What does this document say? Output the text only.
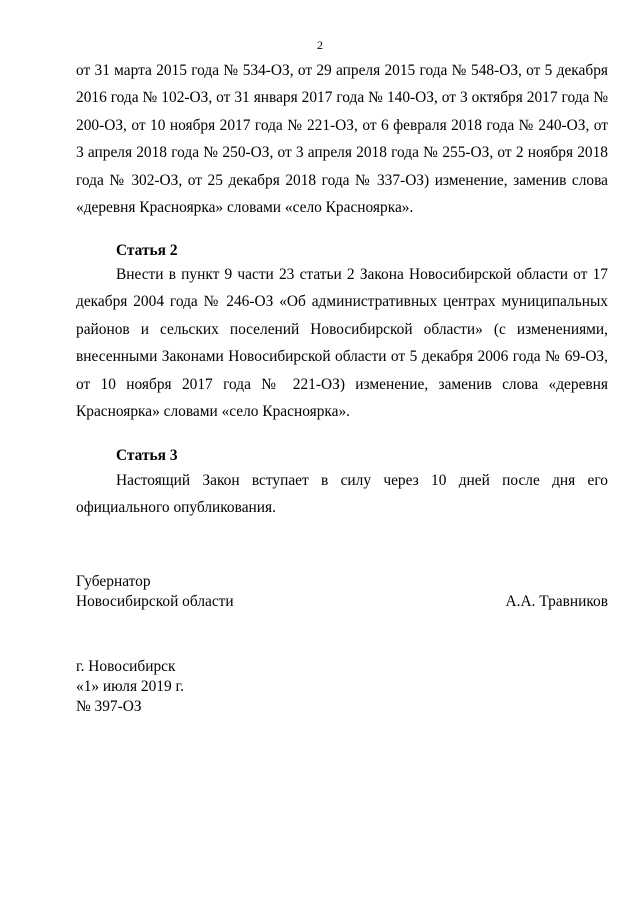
2

от 31 марта 2015 года № 534-ОЗ, от 29 апреля 2015 года № 548-ОЗ, от 5 декабря 2016 года № 102-ОЗ, от 31 января 2017 года № 140-ОЗ, от 3 октября 2017 года № 200-ОЗ, от 10 ноября 2017 года № 221-ОЗ, от 6 февраля 2018 года № 240-ОЗ, от 3 апреля 2018 года № 250-ОЗ, от 3 апреля 2018 года № 255-ОЗ, от 2 ноября 2018 года № 302-ОЗ, от 25 декабря 2018 года № 337-ОЗ) изменение, заменив слова «деревня Красноярка» словами «село Красноярка».

Статья 2

Внести в пункт 9 части 23 статьи 2 Закона Новосибирской области от 17 декабря 2004 года № 246-ОЗ «Об административных центрах муниципальных районов и сельских поселений Новосибирской области» (с изменениями, внесенными Законами Новосибирской области от 5 декабря 2006 года № 69-ОЗ, от 10 ноября 2017 года № 221-ОЗ) изменение, заменив слова «деревня Красноярка» словами «село Красноярка».

Статья 3

Настоящий Закон вступает в силу через 10 дней после дня его официального опубликования.

Губернатор
Новосибирской области	А.А. Травников
г. Новосибирск
«1» июля 2019 г.
№ 397-ОЗ
